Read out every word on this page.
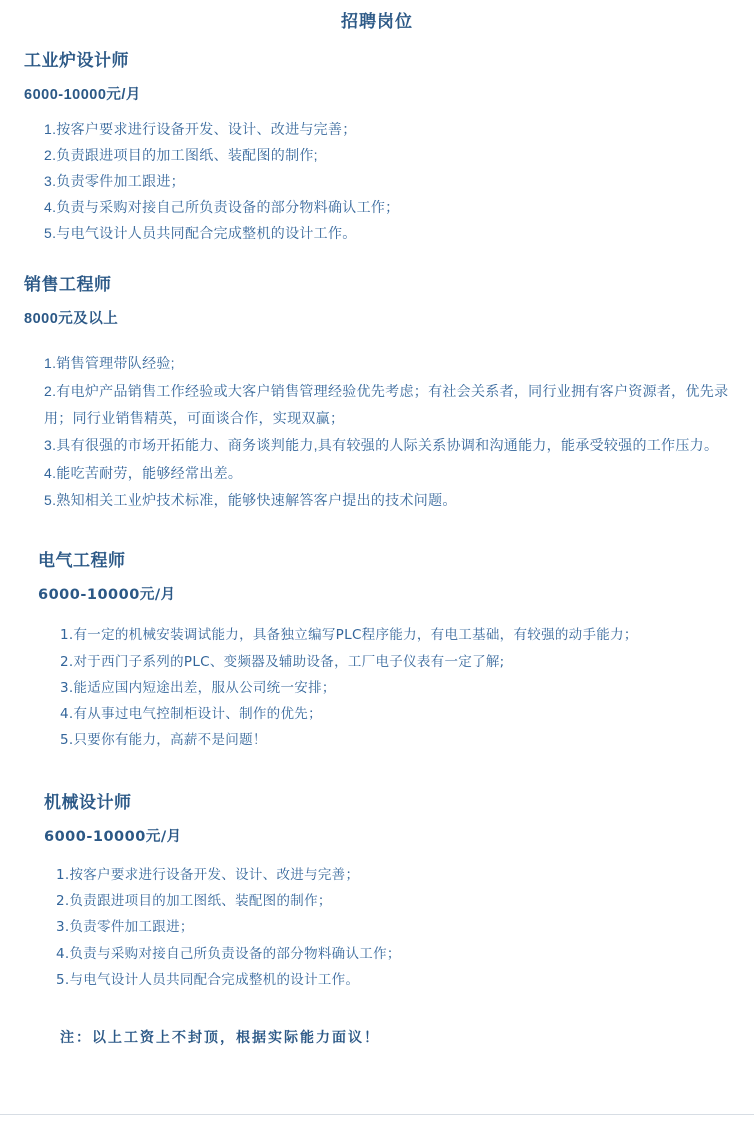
招聘岗位
工业炉设计师
6000-10000元/月
1.按客户要求进行设备开发、设计、改进与完善；
2.负责跟进项目的加工图纸、装配图的制作;
3.负责零件加工跟进；
4.负责与采购对接自己所负责设备的部分物料确认工作；
5.与电气设计人员共同配合完成整机的设计工作。
销售工程师
8000元及以上
1.销售管理带队经验;
2.有电炉产品销售工作经验或大客户销售管理经验优先考虑；有社会关系者，同行业拥有客户资源者，优先录用；同行业销售精英，可面谈合作，实现双赢；
3.具有很强的市场开拓能力、商务谈判能力,具有较强的人际关系协调和沟通能力，能承受较强的工作压力。
4.能吃苦耐劳，能够经常出差。
5.熟知相关工业炉技术标准，能够快速解答客户提出的技术问题。
电气工程师
6000-10000元/月
1.有一定的机械安装调试能力，具备独立编写PLC程序能力，有电工基础，有较强的动手能力；
2.对于西门子系列的PLC、变频器及辅助设备，工厂电子仪表有一定了解;
3.能适应国内短途出差，服从公司统一安排；
4.有从事过电气控制柜设计、制作的优先；
5.只要你有能力，高薪不是问题！
机械设计师
6000-10000元/月
1.按客户要求进行设备开发、设计、改进与完善；
2.负责跟进项目的加工图纸、装配图的制作；
3.负责零件加工跟进；
4.负责与采购对接自己所负责设备的部分物料确认工作；
5.与电气设计人员共同配合完成整机的设计工作。
注：以上工资上不封顶，根据实际能力面议！
